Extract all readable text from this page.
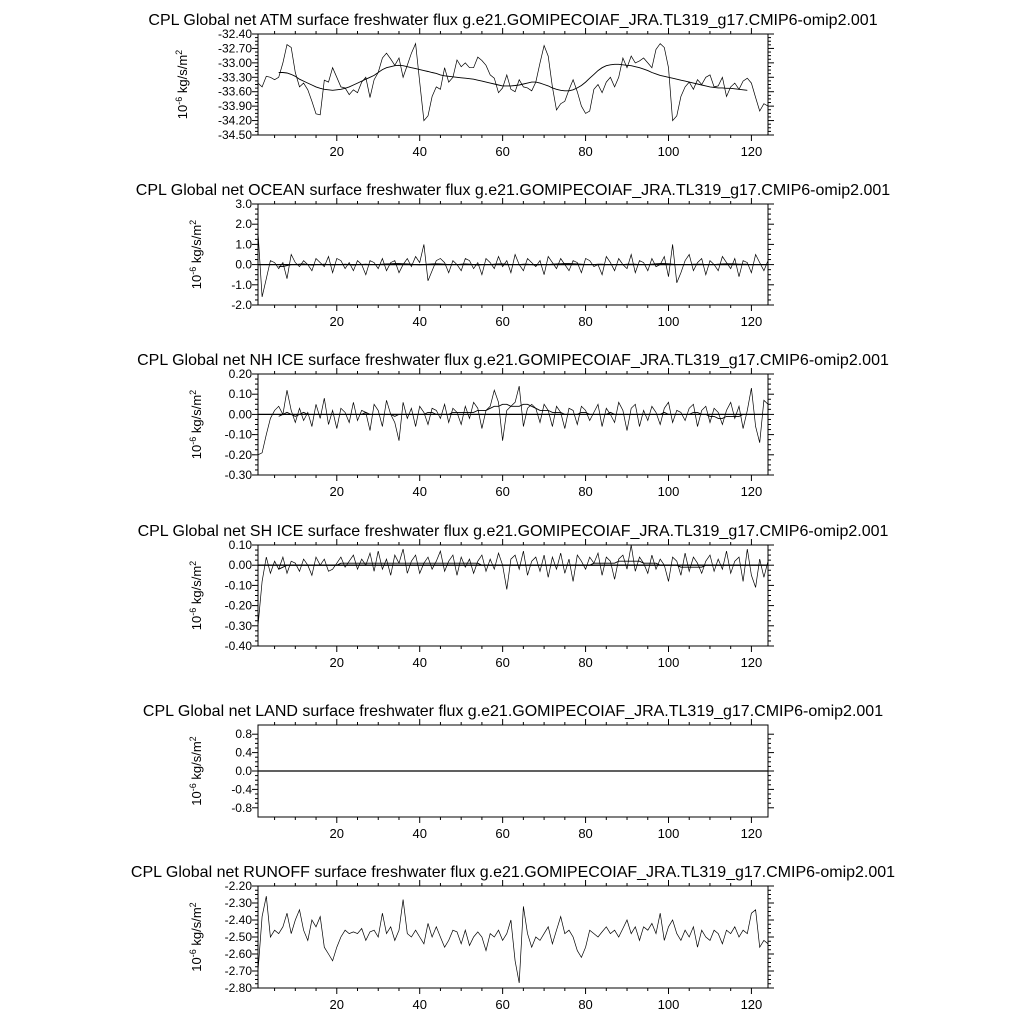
CPL Global net ATM surface freshwater flux g.e21.GOMIPECOIAF_JRA.TL319_g17.CMIP6-omip2.001
20	40	60	80	100	120
-32.40
-32.70
-33.00
-33.30
-33.60
-33.90
-34.20
-34.50
$10^{-6}$ $kg/s/m^2$
CPL Global net OCEAN surface freshwater flux g.e21.GOMIPECOIAF_JRA.TL319_g17.CMIP6-omip2.001
20	40	60	80	100	120
3.0
2.0
1.0
0.0
-1.0
-2.0
$10^{-6}$ $kg/s/m^2$
CPL Global net NH ICE surface freshwater flux g.e21.GOMIPECOIAF_JRA.TL319_g17.CMIP6-omip2.001
20	40	60	80	100	120
0.20
0.10
0.00
-0.10
-0.20
-0.30
$10^{-6}$ $kg/s/m^2$
CPL Global net SH ICE surface freshwater flux g.e21.GOMIPECOIAF_JRA.TL319_g17.CMIP6-omip2.001
20	40	60	80	100	120
0.10
0.00
-0.10
-0.20
-0.30
-0.40
$10^{-6}$ $kg/s/m^2$
CPL Global net LAND surface freshwater flux g.e21.GOMIPECOIAF_JRA.TL319_g17.CMIP6-omip2.001
20	40	60	80	100	120
0.8
0.4
0.0
-0.4
-0.8
$10^{-6}$ $kg/s/m^2$
CPL Global net RUNOFF surface freshwater flux g.e21.GOMIPECOIAF_JRA.TL319_g17.CMIP6-omip2.001
20	40	60	80	100	120
-2.20
-2.30
-2.40
-2.50
-2.60
-2.70
-2.80
$10^{-6}$ $kg/s/m^2$
